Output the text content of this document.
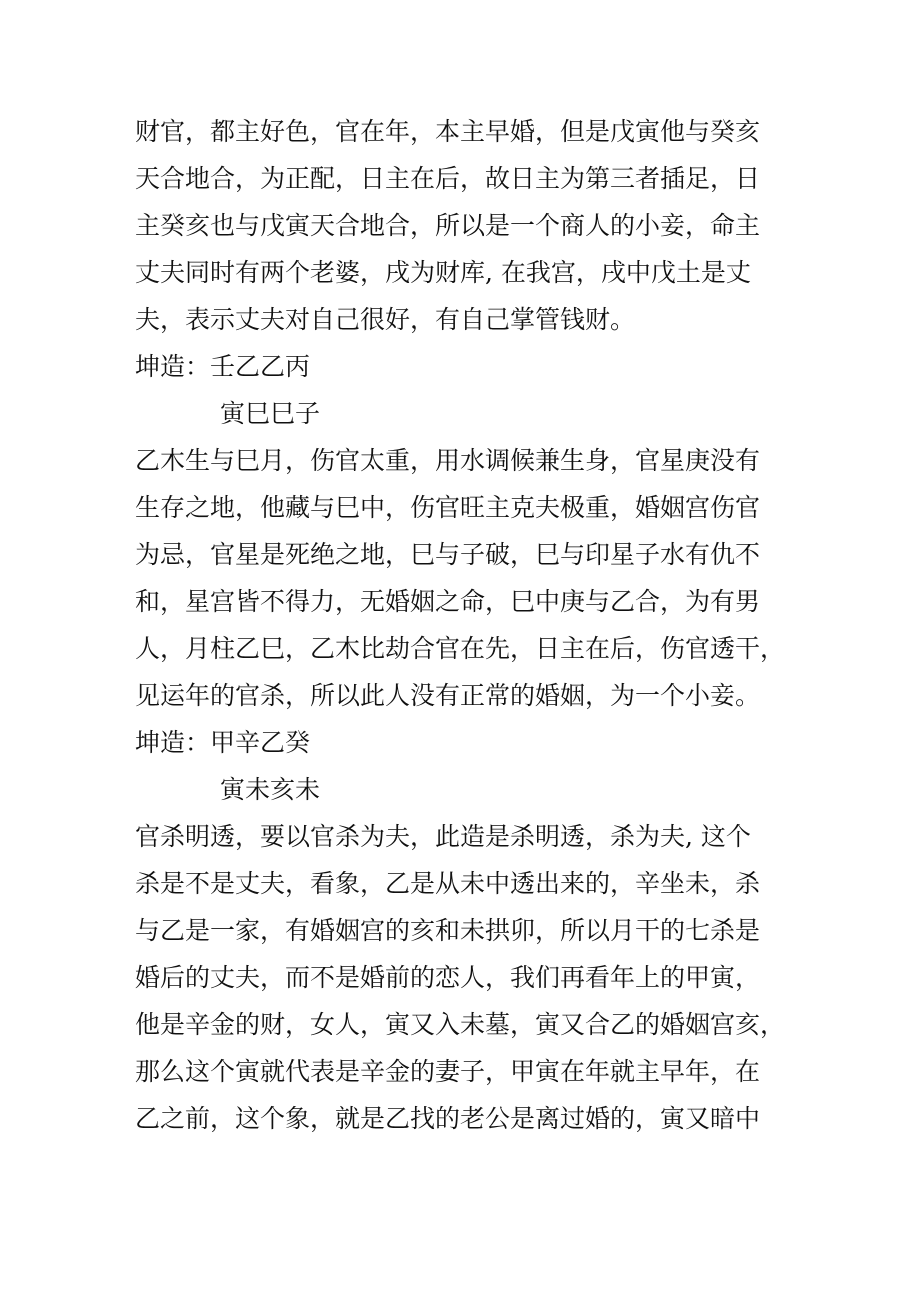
财官，都主好色，官在年，本主早婚，但是戊寅他与癸亥
天合地合，为正配，日主在后，故日主为第三者插足，日
主癸亥也与戊寅天合地合，所以是一个商人的小妾，命主
丈夫同时有两个老婆，戌为财库, 在我宫，戌中戊土是丈
夫，表示丈夫对自己很好，有自己掌管钱财。
坤造：壬乙乙丙
寅巳巳子
乙木生与巳月，伤官太重，用水调候兼生身，官星庚没有
生存之地，他藏与巳中，伤官旺主克夫极重，婚姻宫伤官
为忌，官星是死绝之地，巳与子破，巳与印星子水有仇不
和，星宫皆不得力，无婚姻之命，巳中庚与乙合，为有男
人，月柱乙巳，乙木比劫合官在先，日主在后，伤官透干，
见运年的官杀，所以此人没有正常的婚姻，为一个小妾。
坤造：甲辛乙癸
寅未亥未
官杀明透，要以官杀为夫，此造是杀明透，杀为夫, 这个
杀是不是丈夫，看象，乙是从未中透出来的，辛坐未，杀
与乙是一家，有婚姻宫的亥和未拱卯，所以月干的七杀是
婚后的丈夫，而不是婚前的恋人，我们再看年上的甲寅，
他是辛金的财，女人，寅又入未墓，寅又合乙的婚姻宫亥，
那么这个寅就代表是辛金的妻子，甲寅在年就主早年，在
乙之前，这个象，就是乙找的老公是离过婚的，寅又暗中
